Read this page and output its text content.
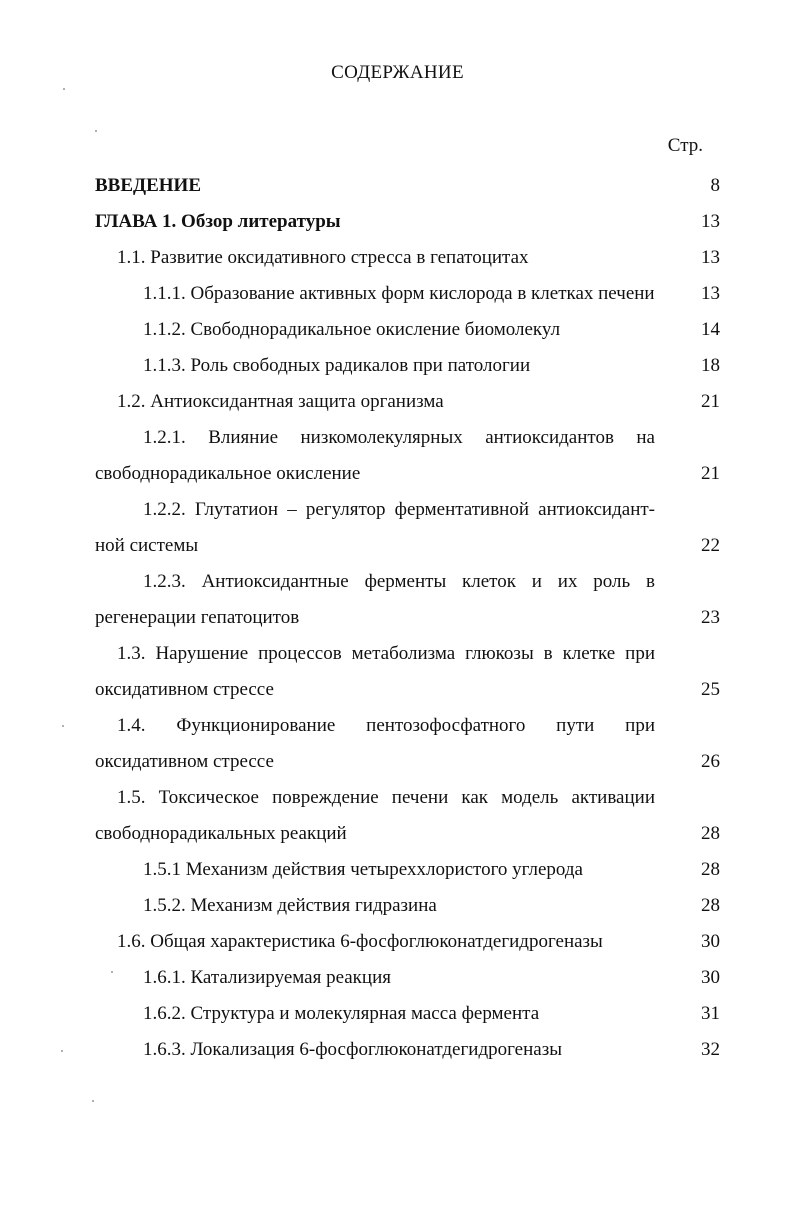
СОДЕРЖАНИЕ
Стр.
ВВЕДЕНИЕ	8
ГЛАВА 1. Обзор литературы	13
1.1. Развитие оксидативного стресса в гепатоцитах	13
1.1.1. Образование активных форм кислорода в клетках печени	13
1.1.2. Свободнорадикальное окисление биомолекул	14
1.1.3. Роль свободных радикалов при патологии	18
1.2. Антиоксидантная защита организма	21
1.2.1. Влияние низкомолекулярных антиоксидантов на свободнорадикальное окисление	21
1.2.2. Глутатион – регулятор ферментативной антиоксидант-ной системы	22
1.2.3. Антиоксидантные ферменты клеток и их роль в регенерации гепатоцитов	23
1.3. Нарушение процессов метаболизма глюкозы в клетке при оксидативном стрессе	25
1.4. Функционирование пентозофосфатного пути при оксидативном стрессе	26
1.5. Токсическое повреждение печени как модель активации свободнорадикальных реакций	28
1.5.1 Механизм действия четыреххлористого углерода	28
1.5.2. Механизм действия гидразина	28
1.6. Общая характеристика 6-фосфоглюконатдегидрогеназы	30
1.6.1. Катализируемая реакция	30
1.6.2. Структура и молекулярная масса фермента	31
1.6.3. Локализация 6-фосфоглюконатдегидрогеназы	32
